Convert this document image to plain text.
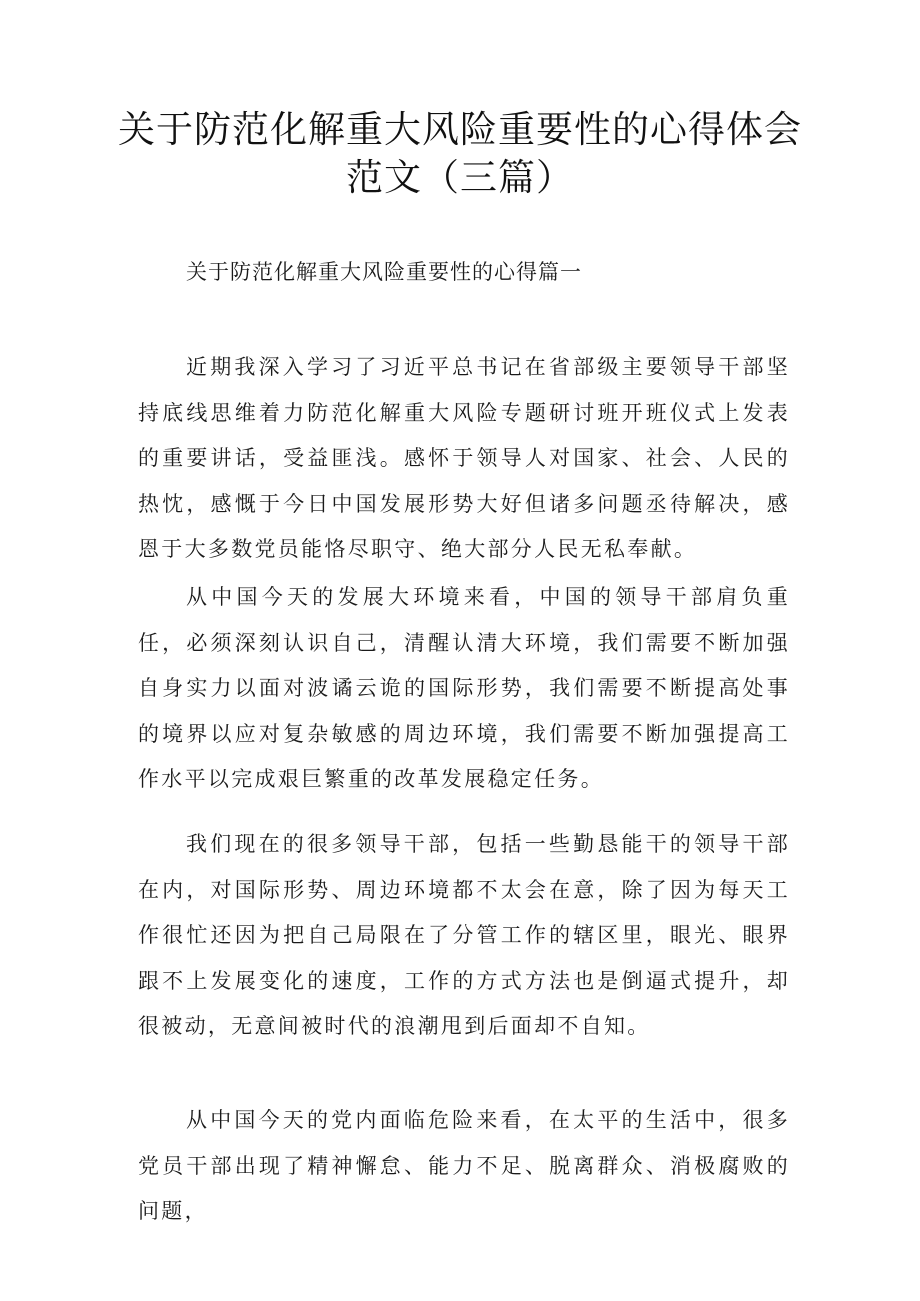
关于防范化解重大风险重要性的心得体会
范文（三篇）
关于防范化解重大风险重要性的心得篇一

近期我深入学习了习近平总书记在省部级主要领导干部坚持底线思维着力防范化解重大风险专题研讨班开班仪式上发表的重要讲话，受益匪浅。感怀于领导人对国家、社会、人民的热忱，感慨于今日中国发展形势大好但诸多问题丞待解决，感恩于大多数党员能恪尽职守、绝大部分人民无私奉献。

从中国今天的发展大环境来看，中国的领导干部肩负重任，必须深刻认识自己，清醒认清大环境，我们需要不断加强自身实力以面对波谲云诡的国际形势，我们需要不断提高处事的境界以应对复杂敏感的周边环境，我们需要不断加强提高工作水平以完成艰巨繁重的改革发展稳定任务。

我们现在的很多领导干部，包括一些勤恳能干的领导干部在内，对国际形势、周边环境都不太会在意，除了因为每天工作很忙还因为把自己局限在了分管工作的辖区里，眼光、眼界跟不上发展变化的速度，工作的方式方法也是倒逼式提升，却很被动，无意间被时代的浪潮甩到后面却不自知。

从中国今天的党内面临危险来看，在太平的生活中，很多党员干部出现了精神懈怠、能力不足、脱离群众、消极腐败的问题，
